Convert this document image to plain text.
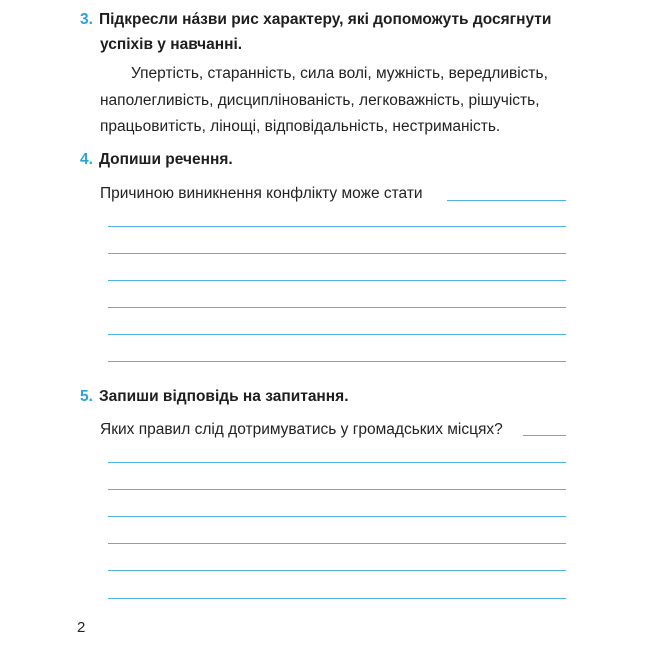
3. Підкресли на́зви рис характеру, які допоможуть досягнути
успіхів у навчанні.
Упертість, старанність, сила волі, мужність, вередливість,
наполегливість, дисциплінованість, легковажність, рішучість,
працьовитість, лінощі, відповідальність, нестриманість.
4. Допиши речення.
Причиною виникнення конфлікту може стати
5. Запиши відповідь на запитання.
Яких правил слід дотримуватись у громадських місцях?
2
